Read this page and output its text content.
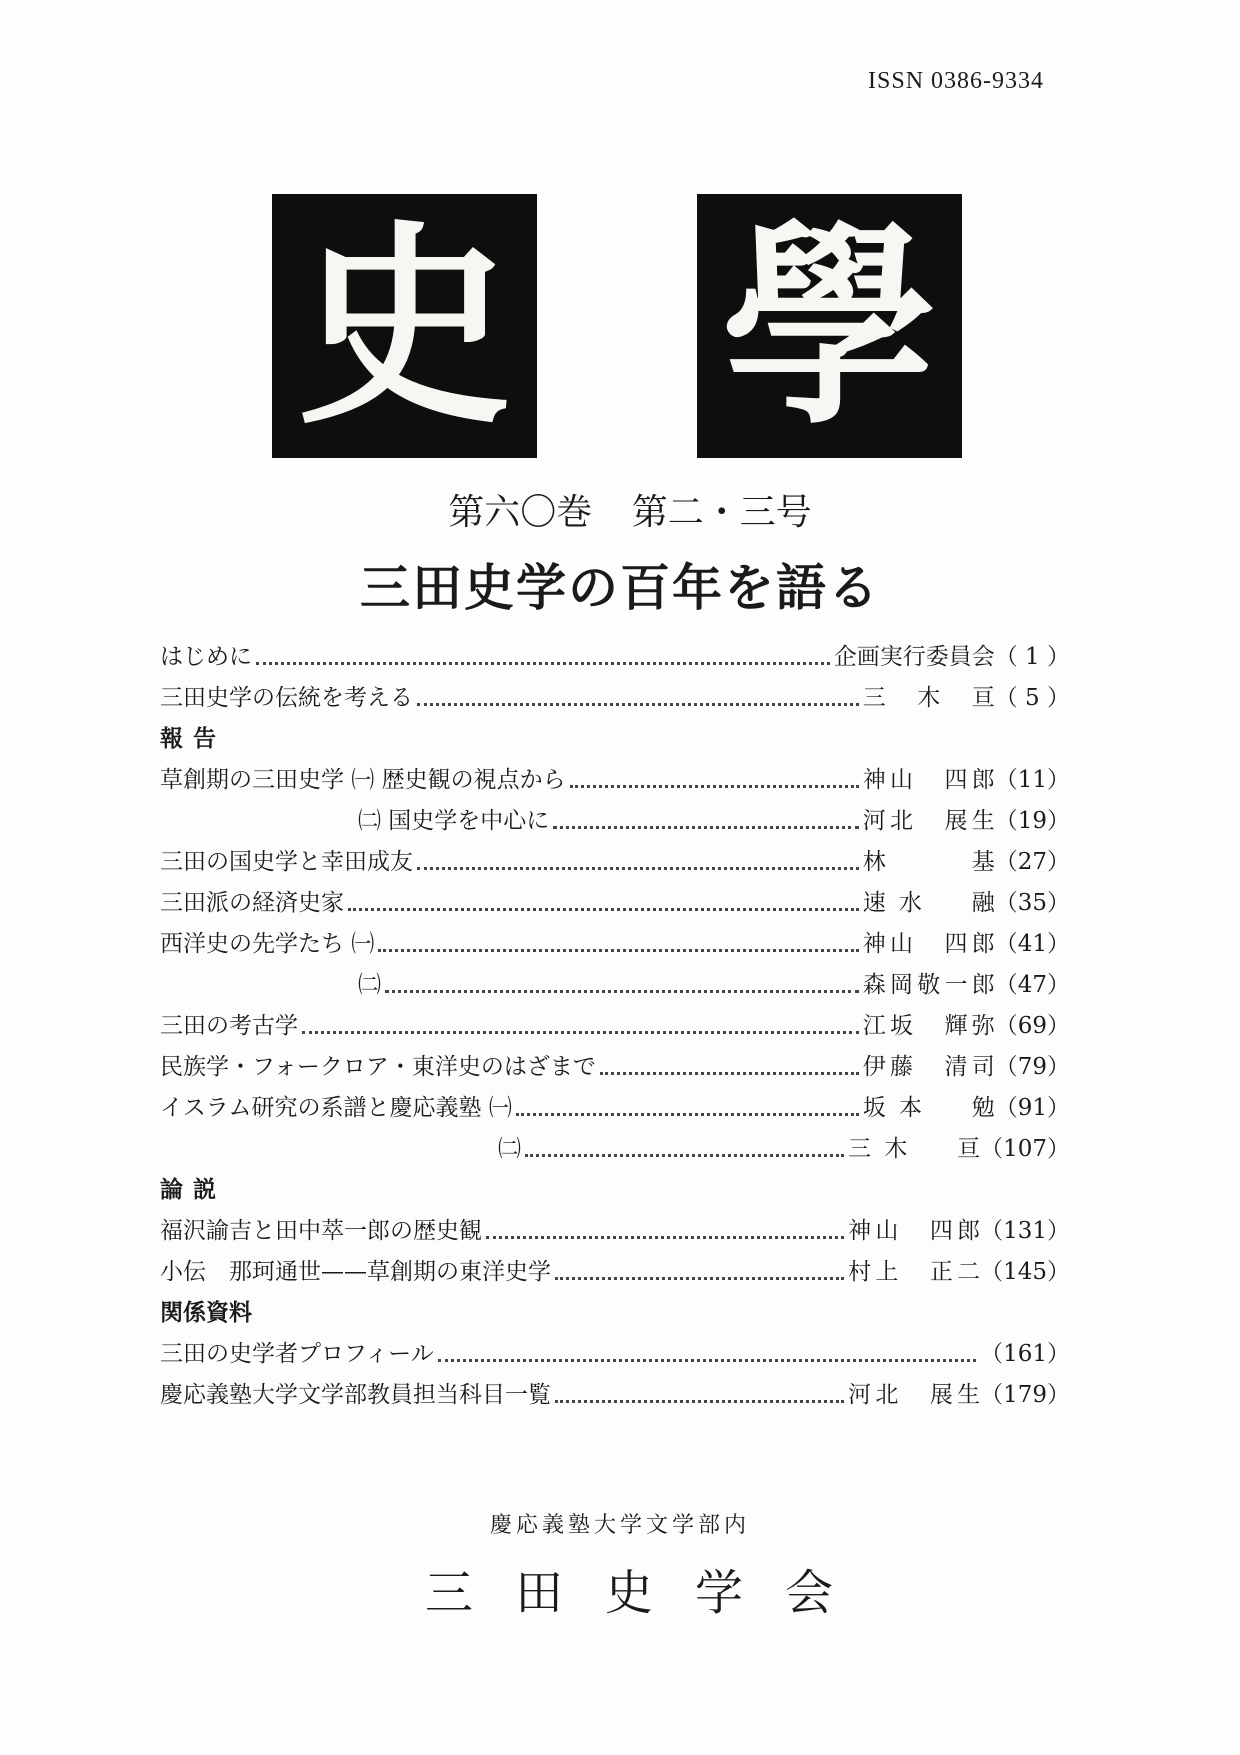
ISSN 0386-9334
史 學
第六〇巻 第二・三号
三田史学の百年を語る
はじめに	企画実行委員会 （ 1 ）
三田史学の伝統を考える	三　木　亘 （ 5 ）
報告
草創期の三田史学 ㈠ 歴史観の視点から	神山　四郎 （11）
㈡ 国史学を中心に	河北　展生 （19）
三田の国史学と幸田成友	林　　基 （27）
三田派の経済史家	速水　融 （35）
西洋史の先学たち ㈠	神山　四郎 （41）
㈡	森岡敬一郎 （47）
三田の考古学	江坂　輝弥 （69）
民族学・フォークロア・東洋史のはざまで	伊藤　清司 （79）
イスラム研究の系譜と慶応義塾 ㈠	坂本　勉 （91）
㈡	三木　亘 （107）
論説
福沢諭吉と田中萃一郎の歴史観	神山　四郎 （131）
小伝　那珂通世——草創期の東洋史学	村上　正二 （145）
関係資料
三田の史学者プロフィール	（161）
慶応義塾大学文学部教員担当科目一覧	河北　展生 （179）
慶応義塾大学文学部内
三田史学会
